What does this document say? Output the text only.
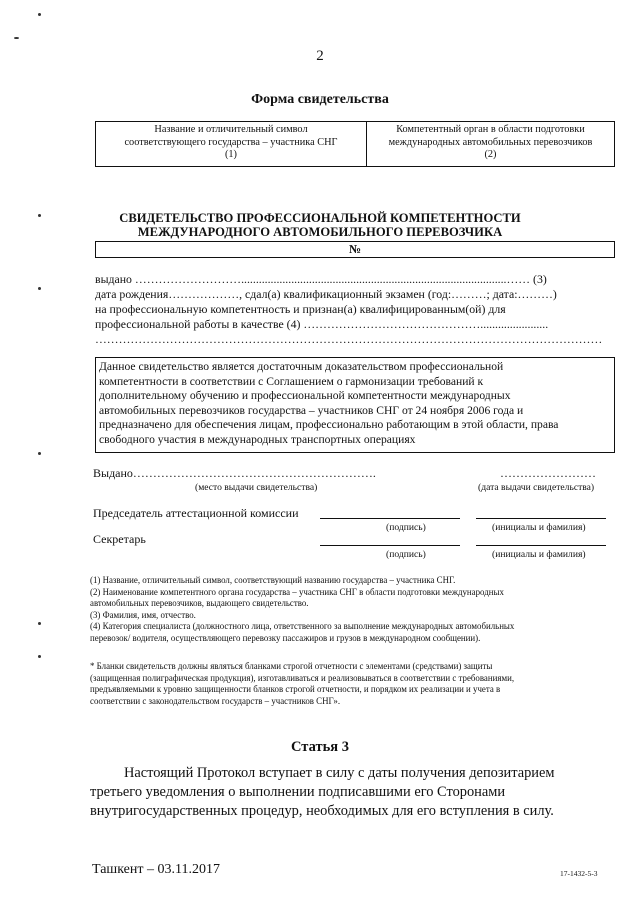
2
Форма свидетельства
Название и отличительный символ
соответствующего государства – участника СНГ
(1)
Компетентный орган в области подготовки
международных автомобильных перевозчиков
(2)
СВИДЕТЕЛЬСТВО ПРОФЕССИОНАЛЬНОЙ КОМПЕТЕНТНОСТИ
МЕЖДУНАРОДНОГО АВТОМОБИЛЬНОГО ПЕРЕВОЗЧИКА
№
выдано ………………………..........................................................................................…… (3)
дата рождения………………, сдал(а) квалификационный экзамен (год:………; дата:………)
на профессиональную компетентность и признан(а) квалифицированным(ой) для
профессиональной работы в качестве (4) ……………………………………….......................
…………………………………………………………………………………………………………………
Данное свидетельство является достаточным доказательством профессиональной
компетентности в соответствии с Соглашением о гармонизации требований к
дополнительному обучению и профессиональной компетентности международных
автомобильных перевозчиков государства – участников СНГ от 24 ноября 2006 года и
предназначено для обеспечения лицам, профессионально работающим в этой области, права
свободного участия в международных транспортных операциях
Выдано…………………………………………………….	……………………
(место выдачи свидетельства)	(дата выдачи свидетельства)
Председатель аттестационной комиссии
(подпись)	(инициалы и фамилия)
Секретарь
(подпись)	(инициалы и фамилия)
(1) Название, отличительный символ, соответствующий названию государства – участника СНГ.
(2) Наименование компетентного органа государства – участника СНГ в области подготовки международных
автомобильных перевозчиков, выдающего свидетельство.
(3) Фамилия, имя, отчество.
(4) Категория специалиста (должностного лица, ответственного за выполнение международных автомобильных
перевозок/ водителя, осуществляющего перевозку пассажиров и грузов в международном сообщении).
* Бланки свидетельств должны являться бланками строгой отчетности с элементами (средствами) защиты
(защищенная полиграфическая продукция), изготавливаться и реализовываться в соответствии с требованиями,
предъявляемыми к уровню защищенности бланков строгой отчетности, и порядком их реализации и учета в
соответствии с законодательством государств – участников СНГ».
Статья 3
Настоящий Протокол вступает в силу с даты получения депозитарием
третьего уведомления о выполнении подписавшими его Сторонами
внутригосударственных процедур, необходимых для его вступления в силу.
Ташкент – 03.11.2017	17-1432-5-3
